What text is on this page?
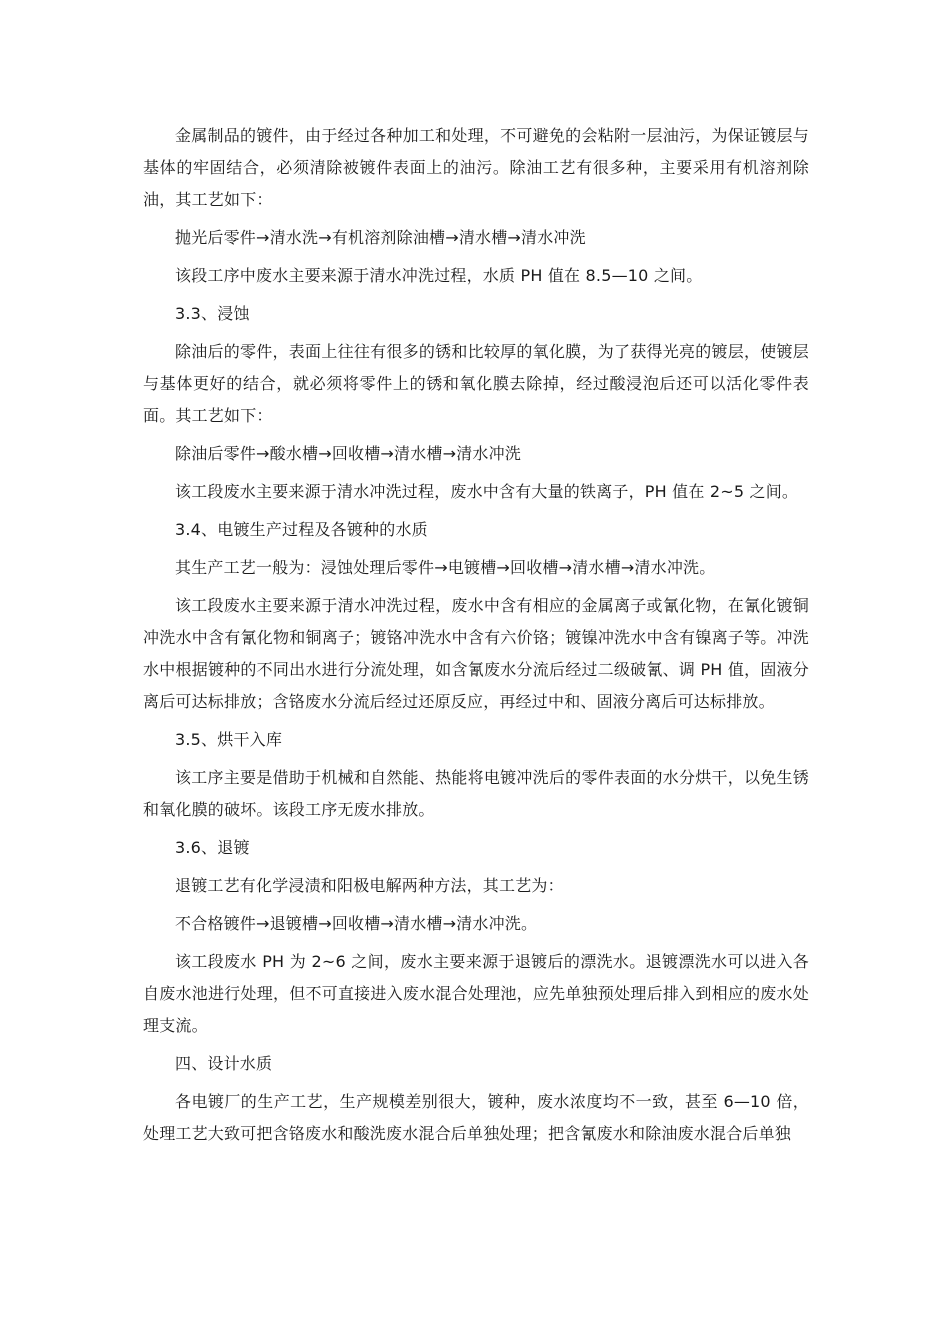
金属制品的镀件，由于经过各种加工和处理，不可避免的会粘附一层油污，为保证镀层与基体的牢固结合，必须清除被镀件表面上的油污。除油工艺有很多种，主要采用有机溶剂除油，其工艺如下：

抛光后零件→清水洗→有机溶剂除油槽→清水槽→清水冲洗

该段工序中废水主要来源于清水冲洗过程，水质 PH 值在 8.5—10 之间。

3.3、浸蚀

除油后的零件，表面上往往有很多的锈和比较厚的氧化膜，为了获得光亮的镀层，使镀层与基体更好的结合，就必须将零件上的锈和氧化膜去除掉，经过酸浸泡后还可以活化零件表面。其工艺如下：

除油后零件→酸水槽→回收槽→清水槽→清水冲洗

该工段废水主要来源于清水冲洗过程，废水中含有大量的铁离子，PH 值在 2~5 之间。

3.4、电镀生产过程及各镀种的水质

其生产工艺一般为：浸蚀处理后零件→电镀槽→回收槽→清水槽→清水冲洗。

该工段废水主要来源于清水冲洗过程，废水中含有相应的金属离子或氰化物，在氰化镀铜冲洗水中含有氰化物和铜离子；镀铬冲洗水中含有六价铬；镀镍冲洗水中含有镍离子等。冲洗水中根据镀种的不同出水进行分流处理，如含氰废水分流后经过二级破氰、调 PH 值，固液分离后可达标排放；含铬废水分流后经过还原反应，再经过中和、固液分离后可达标排放。

3.5、烘干入库

该工序主要是借助于机械和自然能、热能将电镀冲洗后的零件表面的水分烘干，以免生锈和氧化膜的破坏。该段工序无废水排放。

3.6、退镀

退镀工艺有化学浸渍和阳极电解两种方法，其工艺为：

不合格镀件→退镀槽→回收槽→清水槽→清水冲洗。

该工段废水 PH 为 2~6 之间，废水主要来源于退镀后的漂洗水。退镀漂洗水可以进入各自废水池进行处理，但不可直接进入废水混合处理池，应先单独预处理后排入到相应的废水处理支流。

四、设计水质

各电镀厂的生产工艺，生产规模差别很大，镀种，废水浓度均不一致，甚至 6—10 倍，处理工艺大致可把含铬废水和酸洗废水混合后单独处理；把含氰废水和除油废水混合后单独
